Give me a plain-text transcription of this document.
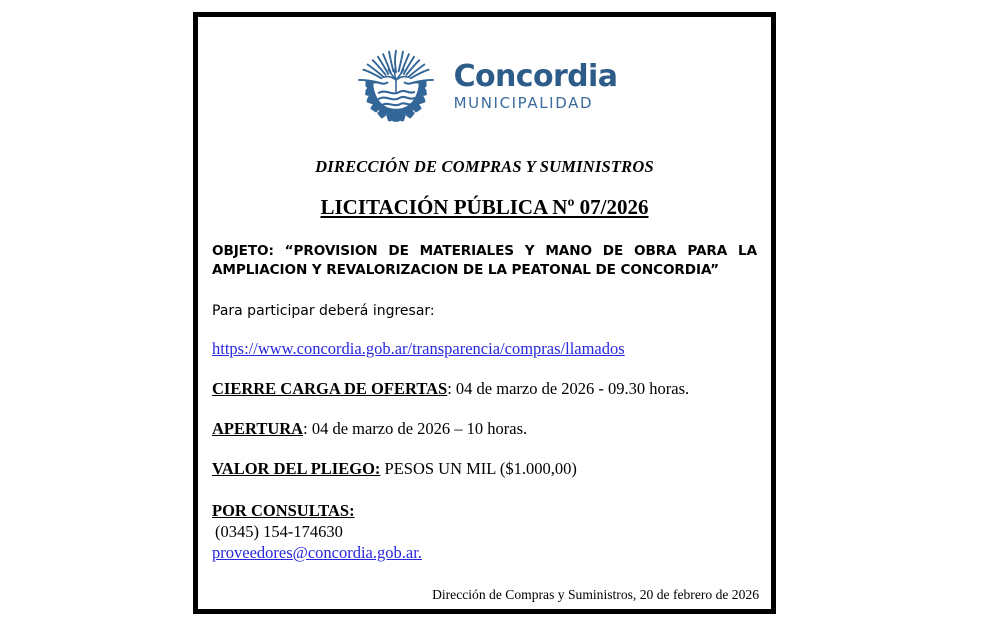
Concordia
MUNICIPALIDAD
DIRECCIÓN DE COMPRAS Y SUMINISTROS
LICITACIÓN PÚBLICA Nº 07/2026
OBJETO: “PROVISION DE MATERIALES Y MANO DE OBRA PARA LA AMPLIACION Y REVALORIZACION DE LA PEATONAL DE CONCORDIA”
Para participar deberá ingresar:
https://www.concordia.gob.ar/transparencia/compras/llamados
CIERRE CARGA DE OFERTAS: 04 de marzo de 2026 - 09.30 horas.
APERTURA: 04 de marzo de 2026 – 10 horas.
VALOR DEL PLIEGO: PESOS UN MIL ($1.000,00)
POR CONSULTAS:
(0345) 154-174630
proveedores@concordia.gob.ar.
Dirección de Compras y Suministros, 20 de febrero de 2026
